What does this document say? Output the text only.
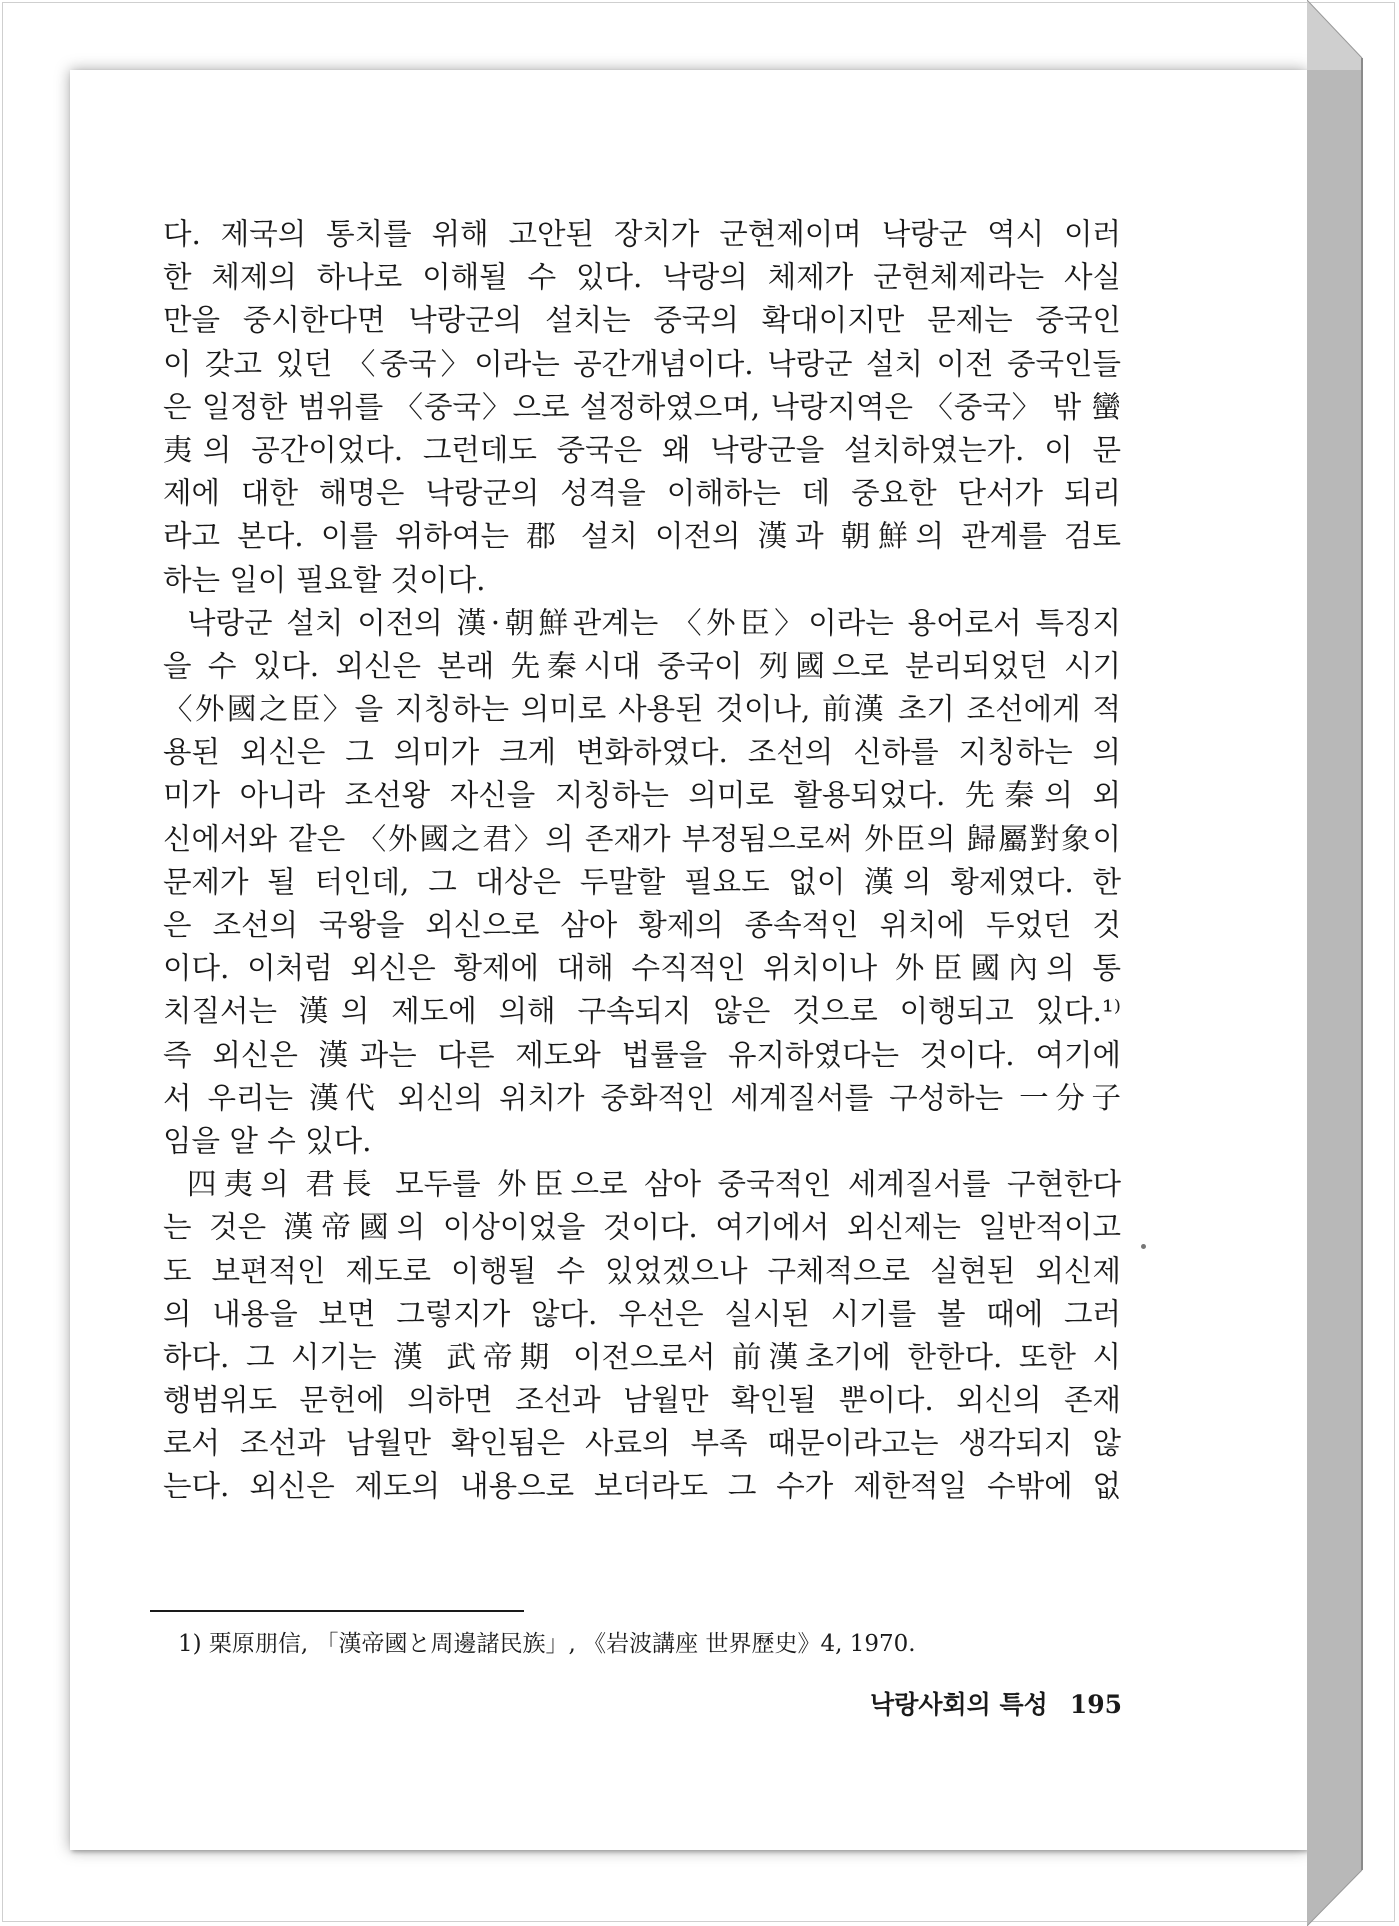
다. 제국의 통치를 위해 고안된 장치가 군현제이며 낙랑군 역시 이러
한 체제의 하나로 이해될 수 있다. 낙랑의 체제가 군현체제라는 사실
만을 중시한다면 낙랑군의 설치는 중국의 확대이지만 문제는 중국인
이 갖고 있던 〈중국〉이라는 공간개념이다. 낙랑군 설치 이전 중국인들
은 일정한 범위를 〈중국〉으로 설정하였으며, 낙랑지역은 〈중국〉 밖 蠻
夷의 공간이었다. 그런데도 중국은 왜 낙랑군을 설치하였는가. 이 문
제에 대한 해명은 낙랑군의 성격을 이해하는 데 중요한 단서가 되리
라고 본다. 이를 위하여는 郡 설치 이전의 漢과 朝鮮의 관계를 검토
하는 일이 필요할 것이다.
낙랑군 설치 이전의 漢·朝鮮관계는 〈外臣〉이라는 용어로서 특징지
을 수 있다. 외신은 본래 先秦시대 중국이 列國으로 분리되었던 시기
〈外國之臣〉을 지칭하는 의미로 사용된 것이나, 前漢 초기 조선에게 적
용된 외신은 그 의미가 크게 변화하였다. 조선의 신하를 지칭하는 의
미가 아니라 조선왕 자신을 지칭하는 의미로 활용되었다. 先秦의 외
신에서와 같은 〈外國之君〉의 존재가 부정됨으로써 外臣의 歸屬對象이
문제가 될 터인데, 그 대상은 두말할 필요도 없이 漢의 황제였다. 한
은 조선의 국왕을 외신으로 삼아 황제의 종속적인 위치에 두었던 것
이다. 이처럼 외신은 황제에 대해 수직적인 위치이나 外臣國內의 통
치질서는 漢의 제도에 의해 구속되지 않은 것으로 이행되고 있다.¹⁾
즉 외신은 漢과는 다른 제도와 법률을 유지하였다는 것이다. 여기에
서 우리는 漢代 외신의 위치가 중화적인 세계질서를 구성하는 一分子
임을 알 수 있다.
四夷의 君長 모두를 外臣으로 삼아 중국적인 세계질서를 구현한다
는 것은 漢帝國의 이상이었을 것이다. 여기에서 외신제는 일반적이고
도 보편적인 제도로 이행될 수 있었겠으나 구체적으로 실현된 외신제
의 내용을 보면 그렇지가 않다. 우선은 실시된 시기를 볼 때에 그러
하다. 그 시기는 漢 武帝期 이전으로서 前漢초기에 한한다. 또한 시
행범위도 문헌에 의하면 조선과 남월만 확인될 뿐이다. 외신의 존재
로서 조선과 남월만 확인됨은 사료의 부족 때문이라고는 생각되지 않
는다. 외신은 제도의 내용으로 보더라도 그 수가 제한적일 수밖에 없
1) 栗原朋信, 「漢帝國と周邊諸民族」, 《岩波講座 世界歷史》4, 1970.
낙랑사회의 특성 195
